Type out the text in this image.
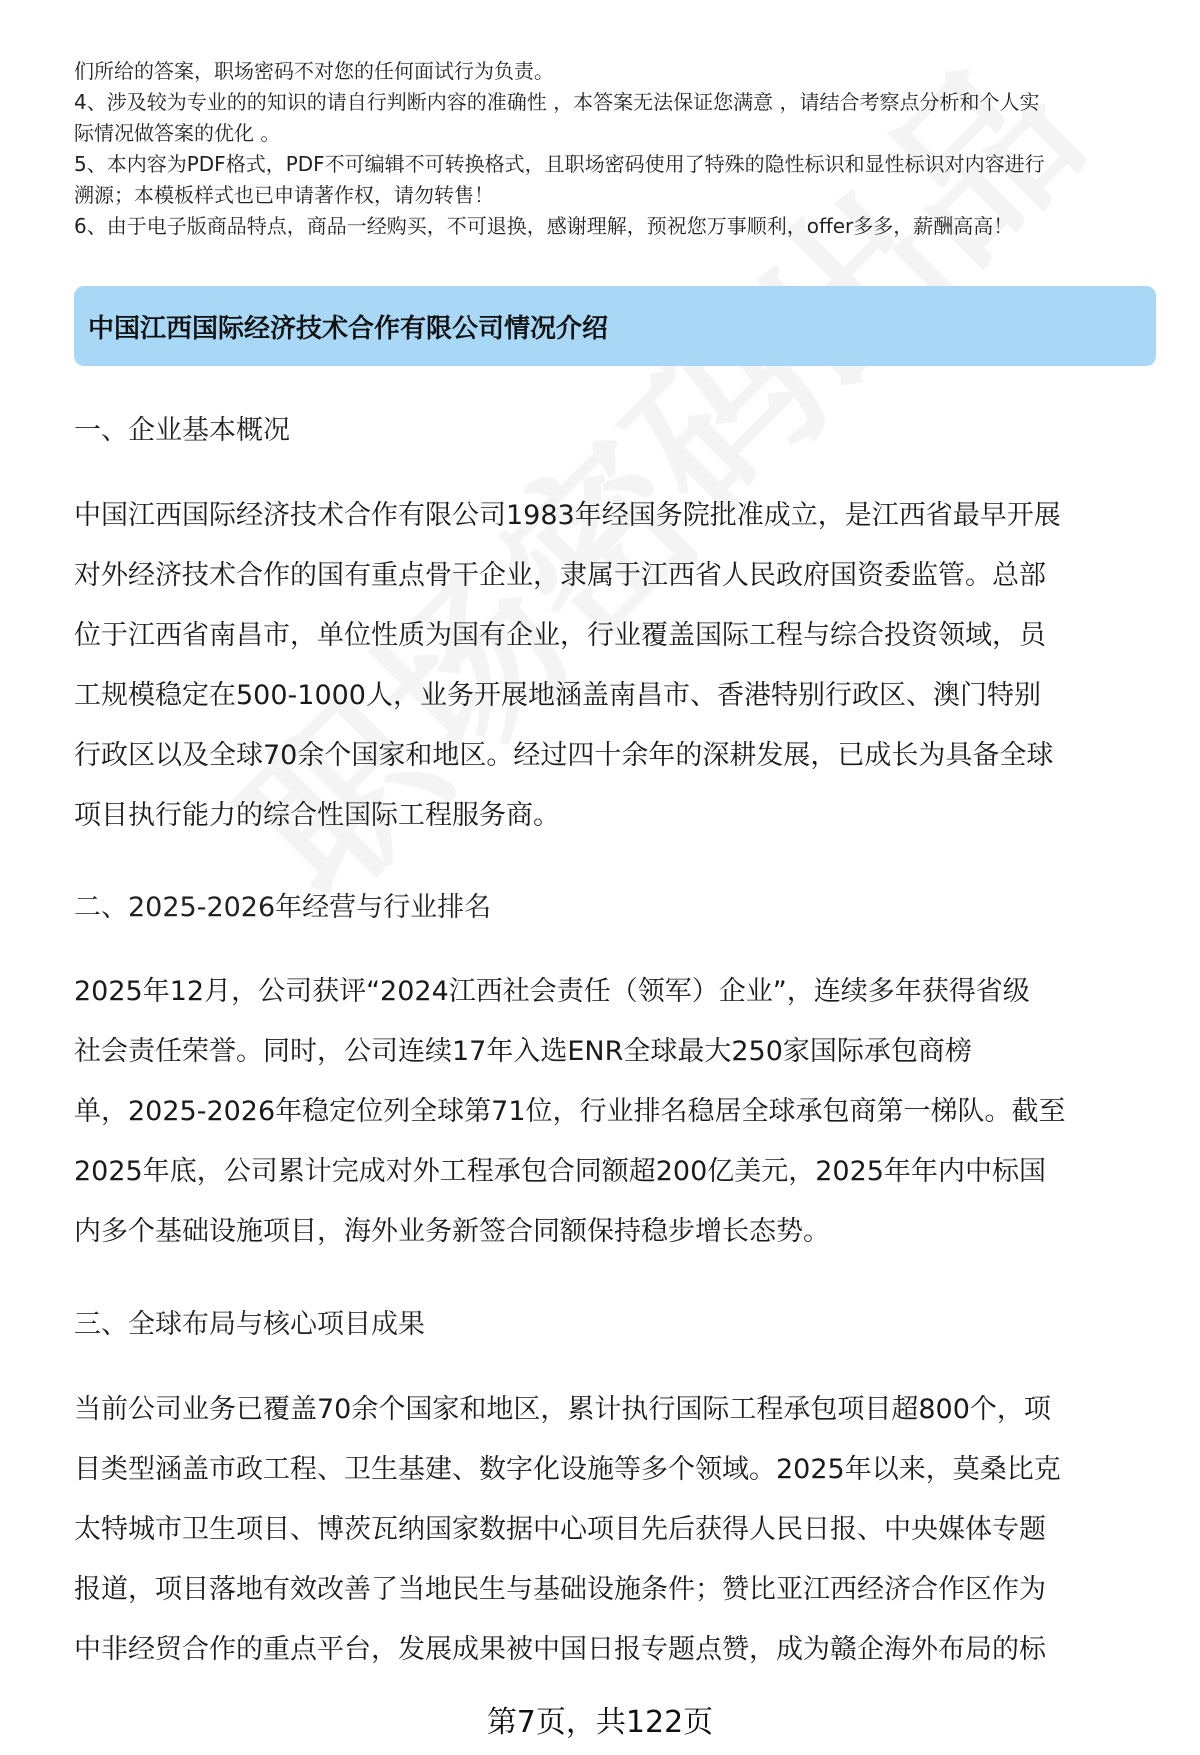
们所给的答案，职场密码不对您的任何面试行为负责。

4、涉及较为专业的的知识的请自行判断内容的准确性 ，本答案无法保证您满意 ，请结合考察点分析和个人实

际情况做答案的优化 。

5、本内容为PDF格式，PDF不可编辑不可转换格式，且职场密码使用了特殊的隐性标识和显性标识对内容进行

溯源；本模板样式也已申请著作权，请勿转售！

6、由于电子版商品特点，商品一经购买，不可退换，感谢理解，预祝您万事顺利，offer多多，薪酬高高！

中国江西国际经济技术合作有限公司情况介绍
一、企业基本概况
中国江西国际经济技术合作有限公司1983年经国务院批准成立，是江西省最早开展
对外经济技术合作的国有重点骨干企业，隶属于江西省人民政府国资委监管。总部
位于江西省南昌市，单位性质为国有企业，行业覆盖国际工程与综合投资领域，员
工规模稳定在500-1000人，业务开展地涵盖南昌市、香港特别行政区、澳门特别
行政区以及全球70余个国家和地区。经过四十余年的深耕发展，已成长为具备全球
项目执行能力的综合性国际工程服务商。
二、2025-2026年经营与行业排名
2025年12月，公司获评“2024江西社会责任（领军）企业”，连续多年获得省级
社会责任荣誉。同时，公司连续17年入选ENR全球最大250家国际承包商榜
单，2025-2026年稳定位列全球第71位，行业排名稳居全球承包商第一梯队。截至
2025年底，公司累计完成对外工程承包合同额超200亿美元，2025年年内中标国
内多个基础设施项目，海外业务新签合同额保持稳步增长态势。
三、全球布局与核心项目成果
当前公司业务已覆盖70余个国家和地区，累计执行国际工程承包项目超800个，项
目类型涵盖市政工程、卫生基建、数字化设施等多个领域。2025年以来，莫桑比克
太特城市卫生项目、博茨瓦纳国家数据中心项目先后获得人民日报、中央媒体专题
报道，项目落地有效改善了当地民生与基础设施条件；赞比亚江西经济合作区作为
中非经贸合作的重点平台，发展成果被中国日报专题点赞，成为赣企海外布局的标
第7页，共122页
